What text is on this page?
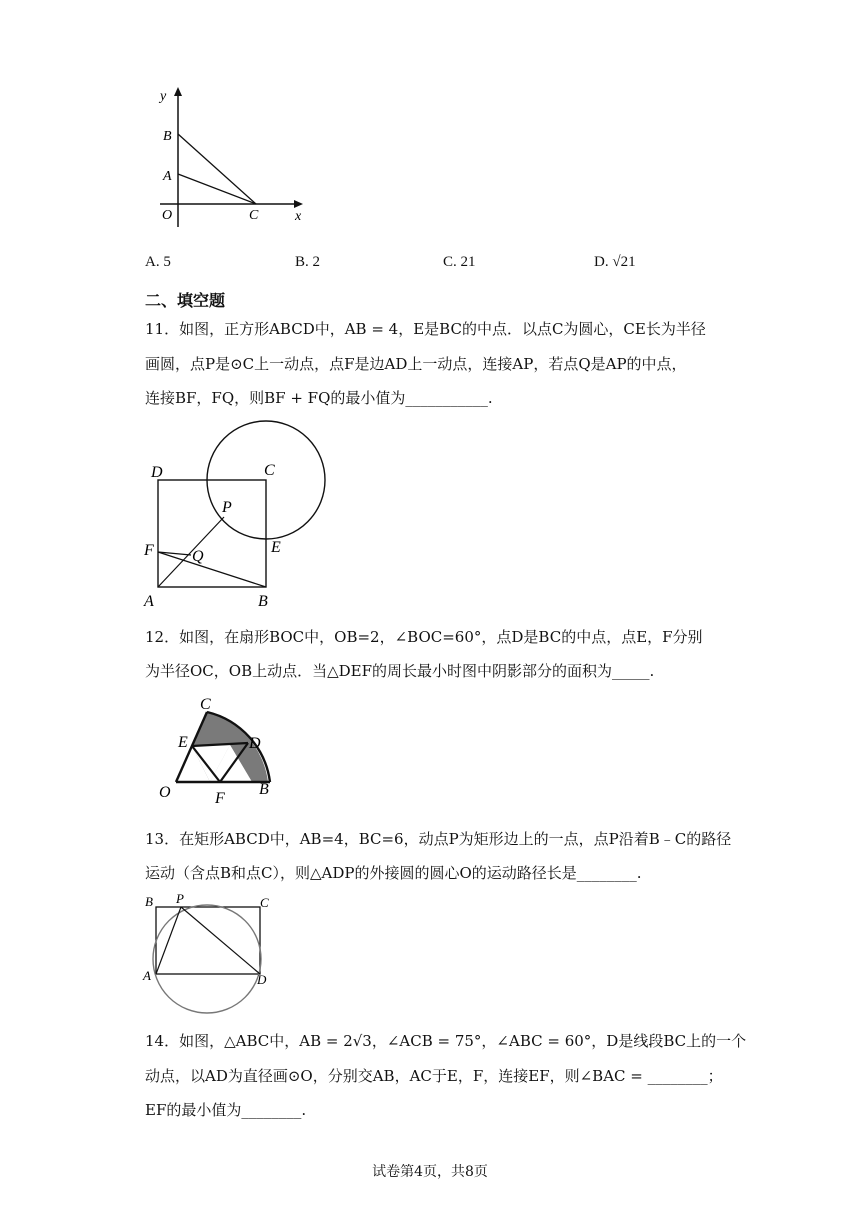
y
x
B
A
O	C
A. 5	B. 2	C. 21	D. √21
二、填空题
11．如图，正方形ABCD中，AB = 4，E是BC的中点．以点C为圆心，CE长为半径
画圆，点P是⊙C上一动点，点F是边AD上一动点，连接AP，若点Q是AP的中点，
连接BF，FQ，则BF + FQ的最小值为___________.
D	C
P
F Q
E
A	B
12．如图，在扇形BOC中，OB=2，∠BOC=60°，点D是BC的中点，点E，F分别
为半径OC，OB上动点．当△DEF的周长最小时图中阴影部分的面积为_____.
C
E	D
O	F
B
13．在矩形ABCD中，AB=4，BC=6，动点P为矩形边上的一点，点P沿着B﹣C的路径
运动（含点B和点C），则△ADP的外接圆的圆心O的运动路径长是________.
B P	C
A	D
14．如图，△ABC中，AB = 2√3，∠ACB = 75°，∠ABC = 60°，D是线段BC上的一个
动点，以AD为直径画⊙O，分别交AB，AC于E，F，连接EF，则∠BAC = ________；
EF的最小值为________.
试卷第4页，共8页
